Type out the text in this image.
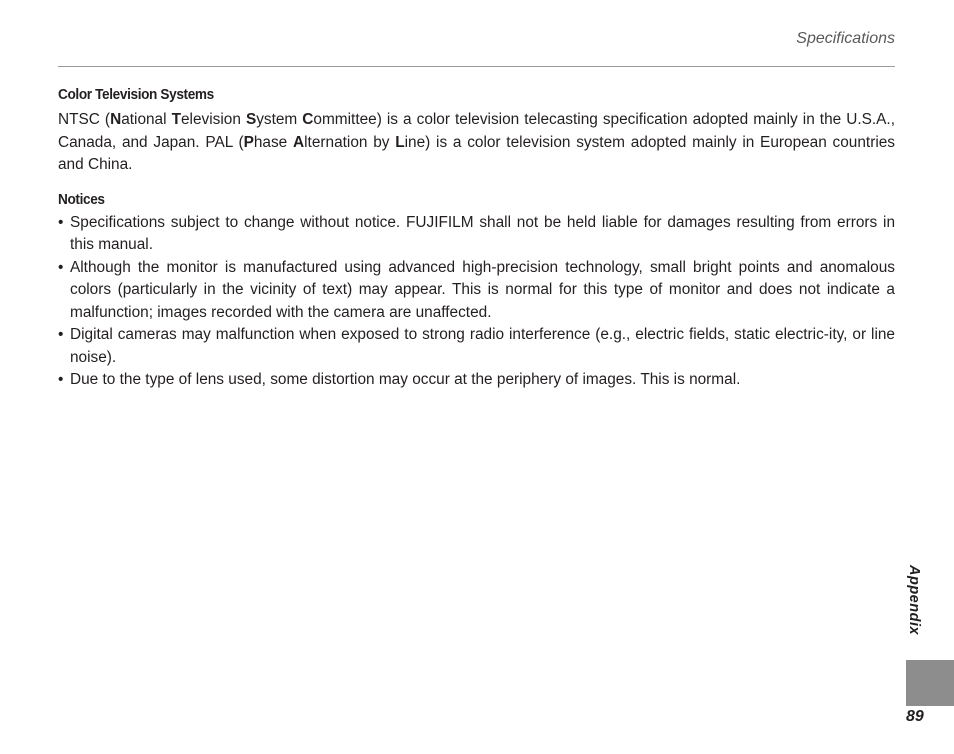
Specifications
Color Television Systems

NTSC (National Television System Committee) is a color television telecasting specification adopted mainly in the U.S.A., Canada, and Japan. PAL (Phase Alternation by Line) is a color television system adopted mainly in European countries and China.

Notices
• Specifications subject to change without notice. FUJIFILM shall not be held liable for damages resulting from errors in this manual.
• Although the monitor is manufactured using advanced high-precision technology, small bright points and anomalous colors (particularly in the vicinity of text) may appear. This is normal for this type of monitor and does not indicate a malfunction; images recorded with the camera are unaffected.
• Digital cameras may malfunction when exposed to strong radio interference (e.g., electric fields, static electric-ity, or line noise).
• Due to the type of lens used, some distortion may occur at the periphery of images. This is normal.
Appendix
89
